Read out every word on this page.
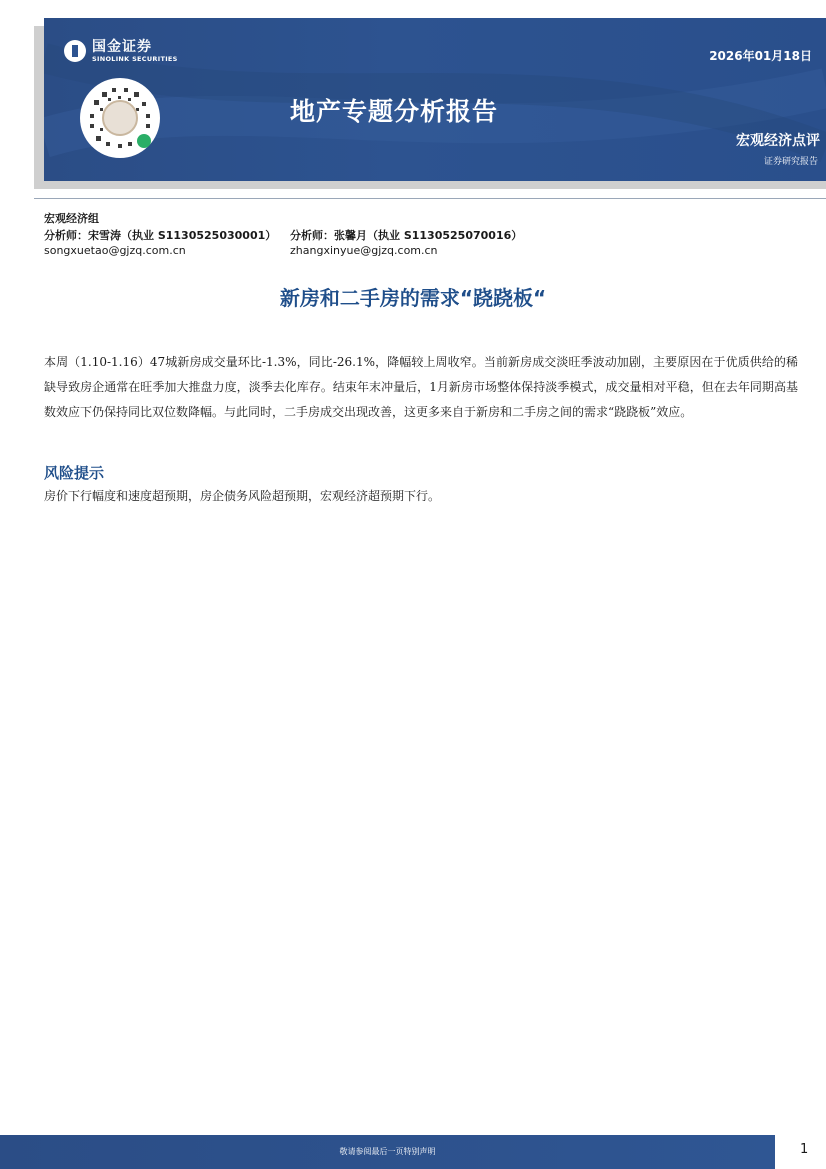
国金证券
SINOLINK SECURITIES	2026年01月18日
地产专题分析报告
宏观经济点评
证券研究报告
宏观经济组
分析师：宋雪涛（执业 S1130525030001） 分析师：张馨月（执业 S1130525070016）
songxuetao@gjzq.com.cn	zhangxinyue@gjzq.com.cn
新房和二手房的需求“跷跷板“
本周（1.10-1.16）47城新房成交量环比-1.3%，同比-26.1%，降幅较上周收窄。当前新房成交淡旺季波动加剧，主要原因在于优质供给的稀缺导致房企通常在旺季加大推盘力度，淡季去化库存。结束年末冲量后，1月新房市场整体保持淡季模式，成交量相对平稳，但在去年同期高基数效应下仍保持同比双位数降幅。与此同时，二手房成交出现改善，这更多来自于新房和二手房之间的需求“跷跷板”效应。
风险提示
房价下行幅度和速度超预期，房企债务风险超预期，宏观经济超预期下行。
敬请参阅最后一页特别声明	1
